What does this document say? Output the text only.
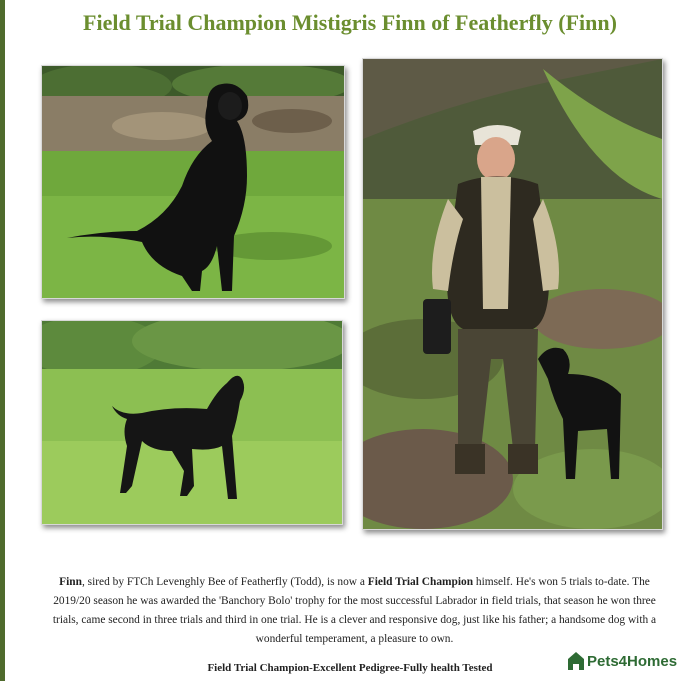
Field Trial Champion Mistigris Finn of Featherfly (Finn)

Finn, sired by FTCh Levenghly Bee of Featherfly (Todd), is now a Field Trial Champion himself. He's won 5 trials to-date. The 2019/20 season he was awarded the 'Banchory Bolo' trophy for the most successful Labrador in field trials, that season he won three trials, came second in three trials and third in one trial. He is a clever and responsive dog, just like his father; a handsome dog with a wonderful temperament, a pleasure to own.

Field Trial Champion-Excellent Pedigree-Fully health Tested	Pets4Homes
